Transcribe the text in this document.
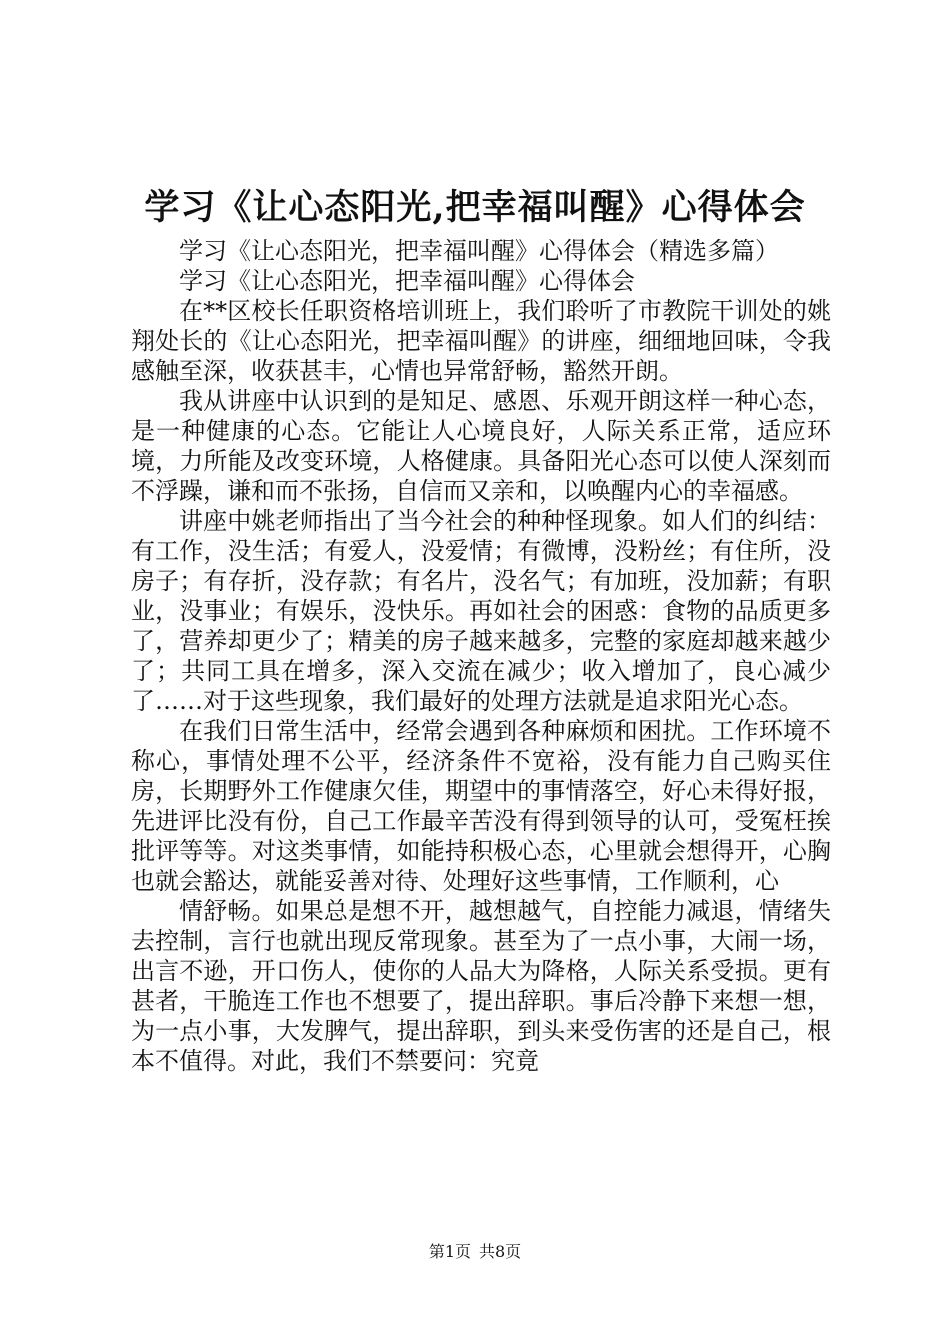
学习《让心态阳光,把幸福叫醒》心得体会

学习《让心态阳光，把幸福叫醒》心得体会（精选多篇）

学习《让心态阳光，把幸福叫醒》心得体会

在**区校长任职资格培训班上，我们聆听了市教院干训处的姚翔处长的《让心态阳光，把幸福叫醒》的讲座，细细地回味，令我感触至深，收获甚丰，心情也异常舒畅，豁然开朗。

我从讲座中认识到的是知足、感恩、乐观开朗这样一种心态，是一种健康的心态。它能让人心境良好，人际关系正常，适应环境，力所能及改变环境，人格健康。具备阳光心态可以使人深刻而不浮躁，谦和而不张扬，自信而又亲和，以唤醒内心的幸福感。

讲座中姚老师指出了当今社会的种种怪现象。如人们的纠结：有工作，没生活；有爱人，没爱情；有微博，没粉丝；有住所，没房子；有存折，没存款；有名片，没名气；有加班，没加薪；有职业，没事业；有娱乐，没快乐。再如社会的困惑：食物的品质更多了，营养却更少了；精美的房子越来越多，完整的家庭却越来越少了；共同工具在增多，深入交流在减少；收入增加了，良心减少了……对于这些现象，我们最好的处理方法就是追求阳光心态。

在我们日常生活中，经常会遇到各种麻烦和困扰。工作环境不称心，事情处理不公平，经济条件不宽裕，没有能力自己购买住房，长期野外工作健康欠佳，期望中的事情落空，好心未得好报，先进评比没有份，自己工作最辛苦没有得到领导的认可，受冤枉挨批评等等。对这类事情，如能持积极心态，心里就会想得开，心胸也就会豁达，就能妥善对待、处理好这些事情，工作顺利，心

情舒畅。如果总是想不开，越想越气，自控能力减退，情绪失去控制，言行也就出现反常现象。甚至为了一点小事，大闹一场，出言不逊，开口伤人，使你的人品大为降格，人际关系受损。更有甚者，干脆连工作也不想要了，提出辞职。事后冷静下来想一想，为一点小事，大发脾气，提出辞职，到头来受伤害的还是自己，根本不值得。对此，我们不禁要问：究竟

第1页 共8页
